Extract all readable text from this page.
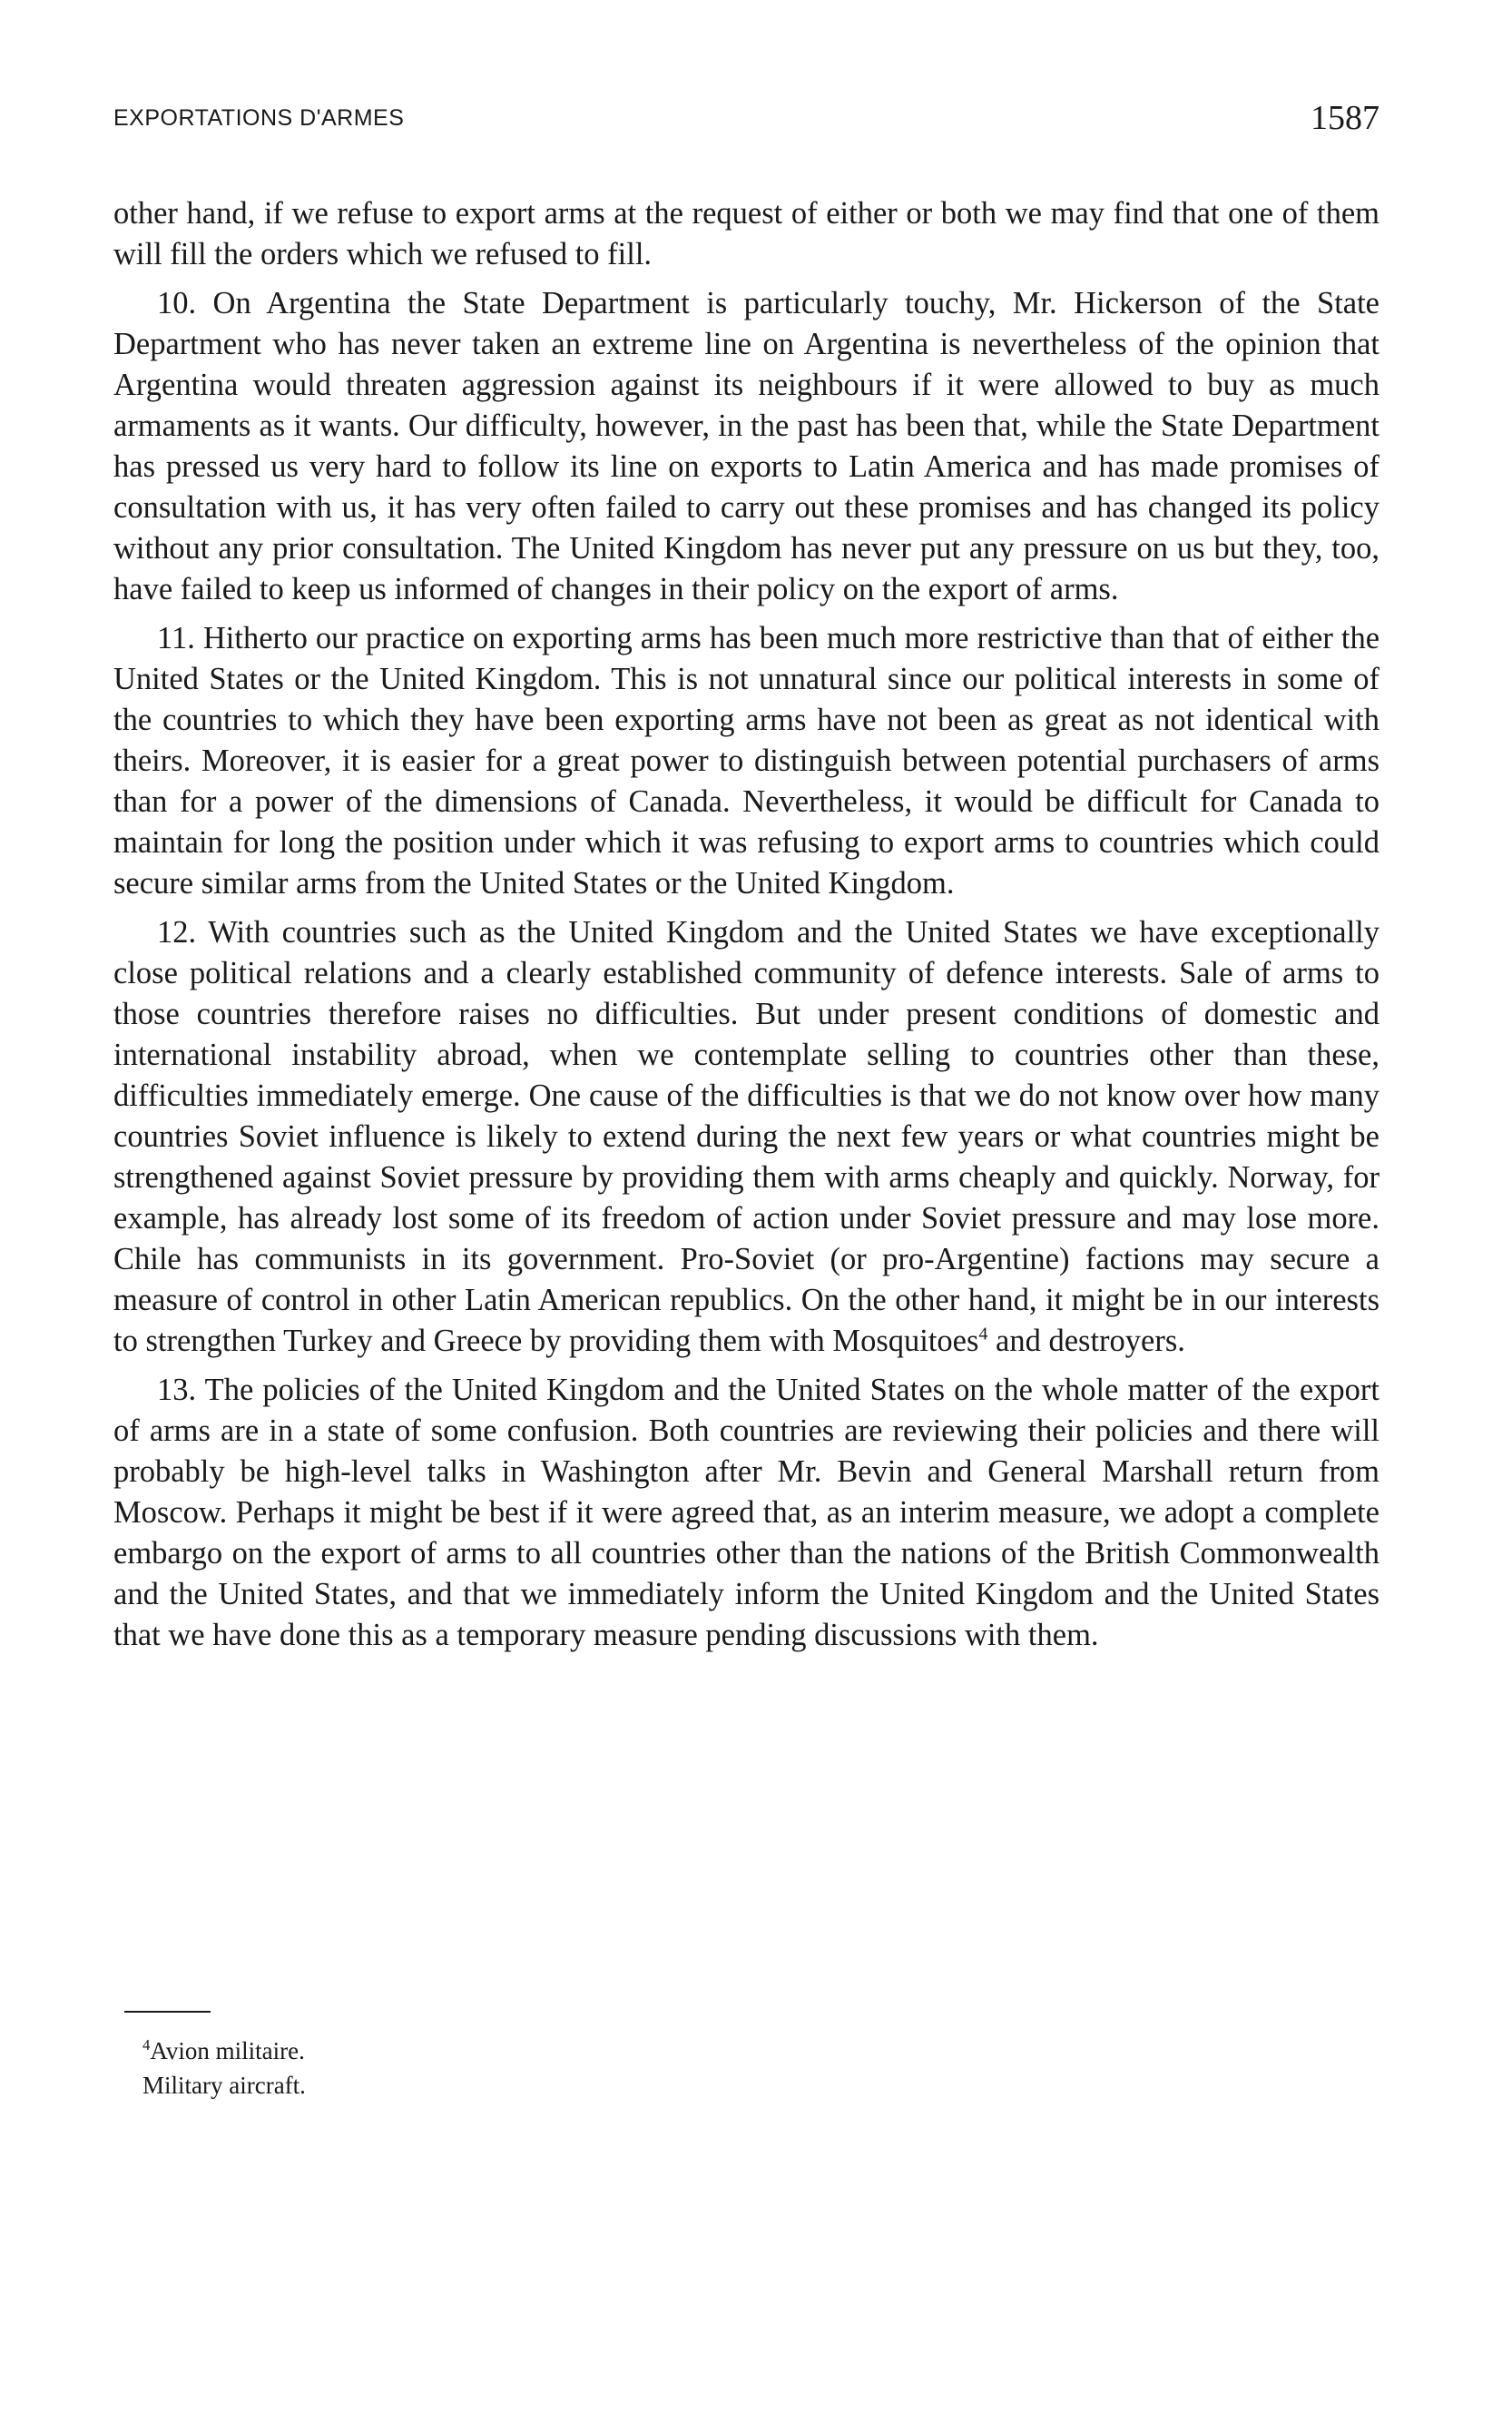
EXPORTATIONS D'ARMES	1587

other hand, if we refuse to export arms at the request of either or both we may find that one of them will fill the orders which we refused to fill.

10. On Argentina the State Department is particularly touchy, Mr. Hickerson of the State Department who has never taken an extreme line on Argentina is nevertheless of the opinion that Argentina would threaten aggression against its neighbours if it were allowed to buy as much armaments as it wants. Our difficulty, however, in the past has been that, while the State Department has pressed us very hard to follow its line on exports to Latin America and has made promises of consultation with us, it has very often failed to carry out these promises and has changed its policy without any prior consultation. The United Kingdom has never put any pressure on us but they, too, have failed to keep us informed of changes in their policy on the export of arms.

11. Hitherto our practice on exporting arms has been much more restrictive than that of either the United States or the United Kingdom. This is not unnatural since our political interests in some of the countries to which they have been exporting arms have not been as great as not identical with theirs. Moreover, it is easier for a great power to distinguish between potential purchasers of arms than for a power of the dimensions of Canada. Nevertheless, it would be difficult for Canada to maintain for long the position under which it was refusing to export arms to countries which could secure similar arms from the United States or the United Kingdom.

12. With countries such as the United Kingdom and the United States we have exceptionally close political relations and a clearly established community of defence interests. Sale of arms to those countries therefore raises no difficulties. But under present conditions of domestic and international instability abroad, when we contemplate selling to countries other than these, difficulties immediately emerge. One cause of the difficulties is that we do not know over how many countries Soviet influence is likely to extend during the next few years or what countries might be strengthened against Soviet pressure by providing them with arms cheaply and quickly. Norway, for example, has already lost some of its freedom of action under Soviet pressure and may lose more. Chile has communists in its government. Pro-Soviet (or pro-Argentine) factions may secure a measure of control in other Latin American republics. On the other hand, it might be in our interests to strengthen Turkey and Greece by providing them with Mosquitoes$^4$ and destroyers.

13. The policies of the United Kingdom and the United States on the whole matter of the export of arms are in a state of some confusion. Both countries are reviewing their policies and there will probably be high-level talks in Washington after Mr. Bevin and General Marshall return from Moscow. Perhaps it might be best if it were agreed that, as an interim measure, we adopt a complete embargo on the export of arms to all countries other than the nations of the British Commonwealth and the United States, and that we immediately inform the United Kingdom and the United States that we have done this as a temporary measure pending discussions with them.

$^4$Avion militaire.

Military aircraft.
